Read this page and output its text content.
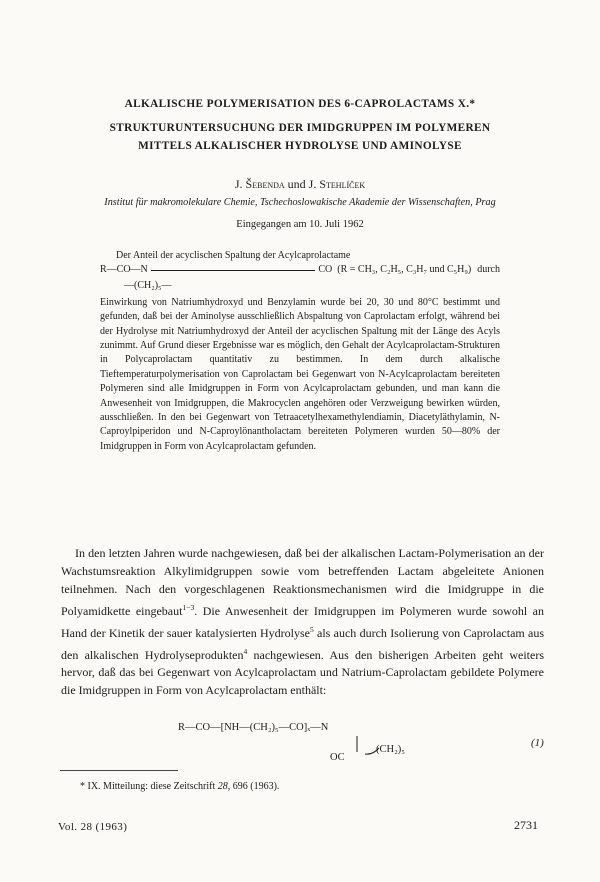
ALKALISCHE POLYMERISATION DES 6-CAPROLACTAMS X.*
STRUKTURUNTERSUCHUNG DER IMIDGRUPPEN IM POLYMEREN
MITTELS ALKALISCHER HYDROLYSE UND AMINOLYSE
J. Šebenda und J. Stehlíček
Institut für makromolekulare Chemie, Tschechoslowakische Akademie der Wissenschaften, Prag
Eingegangen am 10. Juli 1962

Der Anteil der acyclischen Spaltung der Acylcaprolactame

R—CO—N	CO (R = CH₃, C₂H₅, C₃H₇ und C₅H₉) durch
—(CH₂)₅—

Einwirkung von Natriumhydroxyd und Benzylamin wurde bei 20, 30 und 80°C bestimmt und gefunden, daß bei der Aminolyse ausschließlich Abspaltung von Caprolactam erfolgt, während bei der Hydrolyse mit Natriumhydroxyd der Anteil der acyclischen Spaltung mit der Länge des Acyls zunimmt. Auf Grund dieser Ergebnisse war es möglich, den Gehalt der Acylcaprolactam-Strukturen in Polycaprolactam quantitativ zu bestimmen. In dem durch alkalische Tieftemperaturpolymerisation von Caprolactam bei Gegenwart von N-Acylcaprolactam bereiteten Polymeren sind alle Imidgruppen in Form von Acylcaprolactam gebunden, und man kann die Anwesenheit von Imidgruppen, die Makrocyclen angehören oder Verzweigung bewirken würden, ausschließen. In den bei Gegenwart von Tetraacetylhexamethylendiamin, Diacetyläthylamin, N-Caproylpiperidon und N-Caproylönantholactam bereiteten Polymeren wurden 50—80% der Imidgruppen in Form von Acylcaprolactam gefunden.

In den letzten Jahren wurde nachgewiesen, daß bei der alkalischen Lactam-Polymerisation an der Wachstumsreaktion Alkylimidgruppen sowie vom betreffenden Lactam abgeleitete Anionen teilnehmen. Nach den vorgeschlagenen Reaktionsmechanismen wird die Imidgruppe in die Polyamidkette eingebaut$^{1-3}$. Die Anwesenheit der Imidgruppen im Polymeren wurde sowohl an Hand der Kinetik der sauer katalysierten Hydrolyse$^5$ als auch durch Isolierung von Caprolactam aus den alkalischen Hydrolyseprodukten$^4$ nachgewiesen. Aus den bisherigen Arbeiten geht weiters hervor, daß das bei Gegenwart von Acylcaprolactam und Natrium-Caprolactam gebildete Polymere die Imidgruppen in Form von Acylcaprolactam enthält:

R—CO—[NH—(CH₂)₅—CO]ₓ—N
(CH₂)₅
OC
(1)
* IX. Mitteilung: diese Zeitschrift 28, 696 (1963).
Vol. 28 (1963)	2731
